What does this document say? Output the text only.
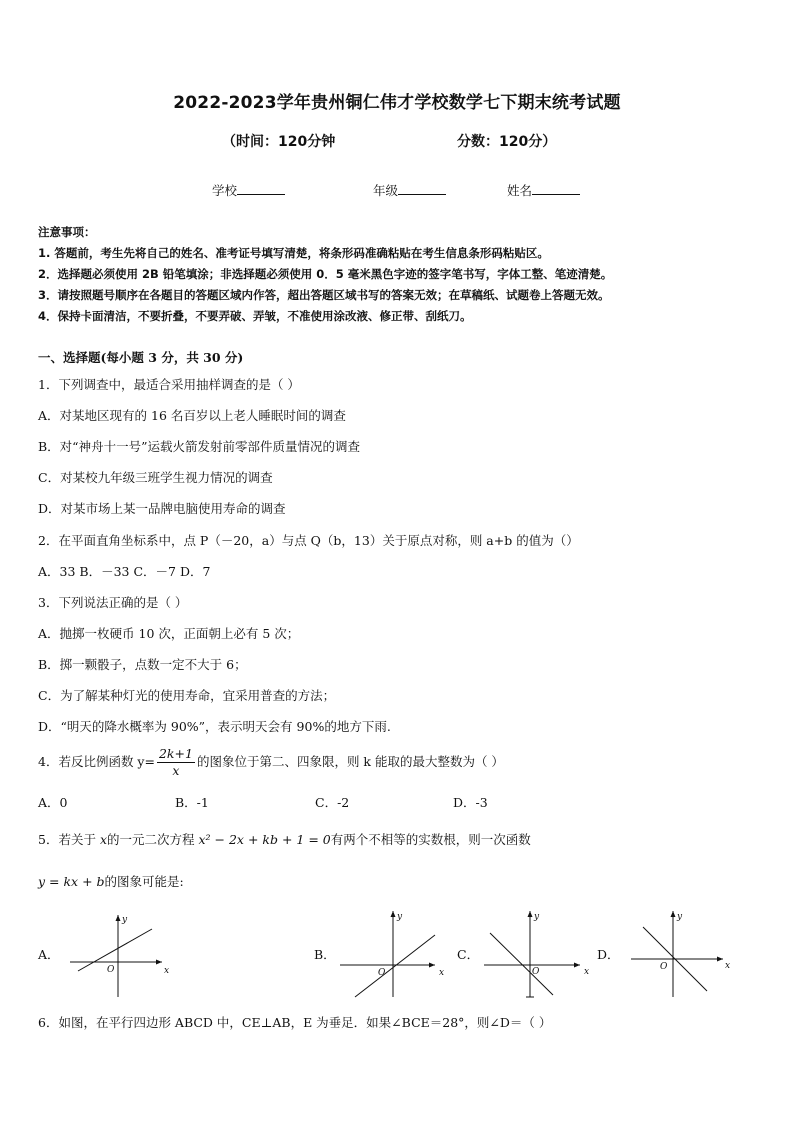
2022-2023学年贵州铜仁伟才学校数学七下期末统考试题
（时间：120分钟	分数：120分）
学校	年级	姓名
注意事项：
1. 答题前，考生先将自己的姓名、准考证号填写清楚，将条形码准确粘贴在考生信息条形码粘贴区。
2．选择题必须使用 2B 铅笔填涂；非选择题必须使用 0．5 毫米黑色字迹的签字笔书写，字体工整、笔迹清楚。
3．请按照题号顺序在各题目的答题区域内作答，超出答题区域书写的答案无效；在草稿纸、试题卷上答题无效。
4．保持卡面清洁，不要折叠，不要弄破、弄皱，不准使用涂改液、修正带、刮纸刀。
一、选择题(每小题 3 分，共 30 分)
1．下列调查中，最适合采用抽样调查的是（ ）
A．对某地区现有的 16 名百岁以上老人睡眠时间的调查
B．对“神舟十一号”运载火箭发射前零部件质量情况的调查
C．对某校九年级三班学生视力情况的调查
D．对某市场上某一品牌电脑使用寿命的调查
2．在平面直角坐标系中，点 P（－20，a）与点 Q（b，13）关于原点对称，则 a+b 的值为（）
A．33 B．－33 C．－7 D．7
3．下列说法正确的是（ ）
A．抛掷一枚硬币 10 次，正面朝上必有 5 次；
B．掷一颗骰子，点数一定不大于 6；
C．为了解某种灯光的使用寿命，宜采用普查的方法；
D．“明天的降水概率为 90%”，表示明天会有 90%的地方下雨.
4．若反比例函数 $y= \frac{2k+1}{x}$ 的图象位于第二、四象限，则 k 能取的最大整数为（ ）
A．0	B．-1	C．-2	D．-3
5．若关于 x的一元二次方程 x² − 2x + kb + 1 = 0有两个不相等的实数根，则一次函数
y = kx + b的图象可能是:
A．	B．	C．	D．
x
y
O	x
y
O	x
y
O
x
y
O
6．如图，在平行四边形 ABCD 中，CE⊥AB，E 为垂足．如果∠BCE＝28°，则∠D＝（ ）
